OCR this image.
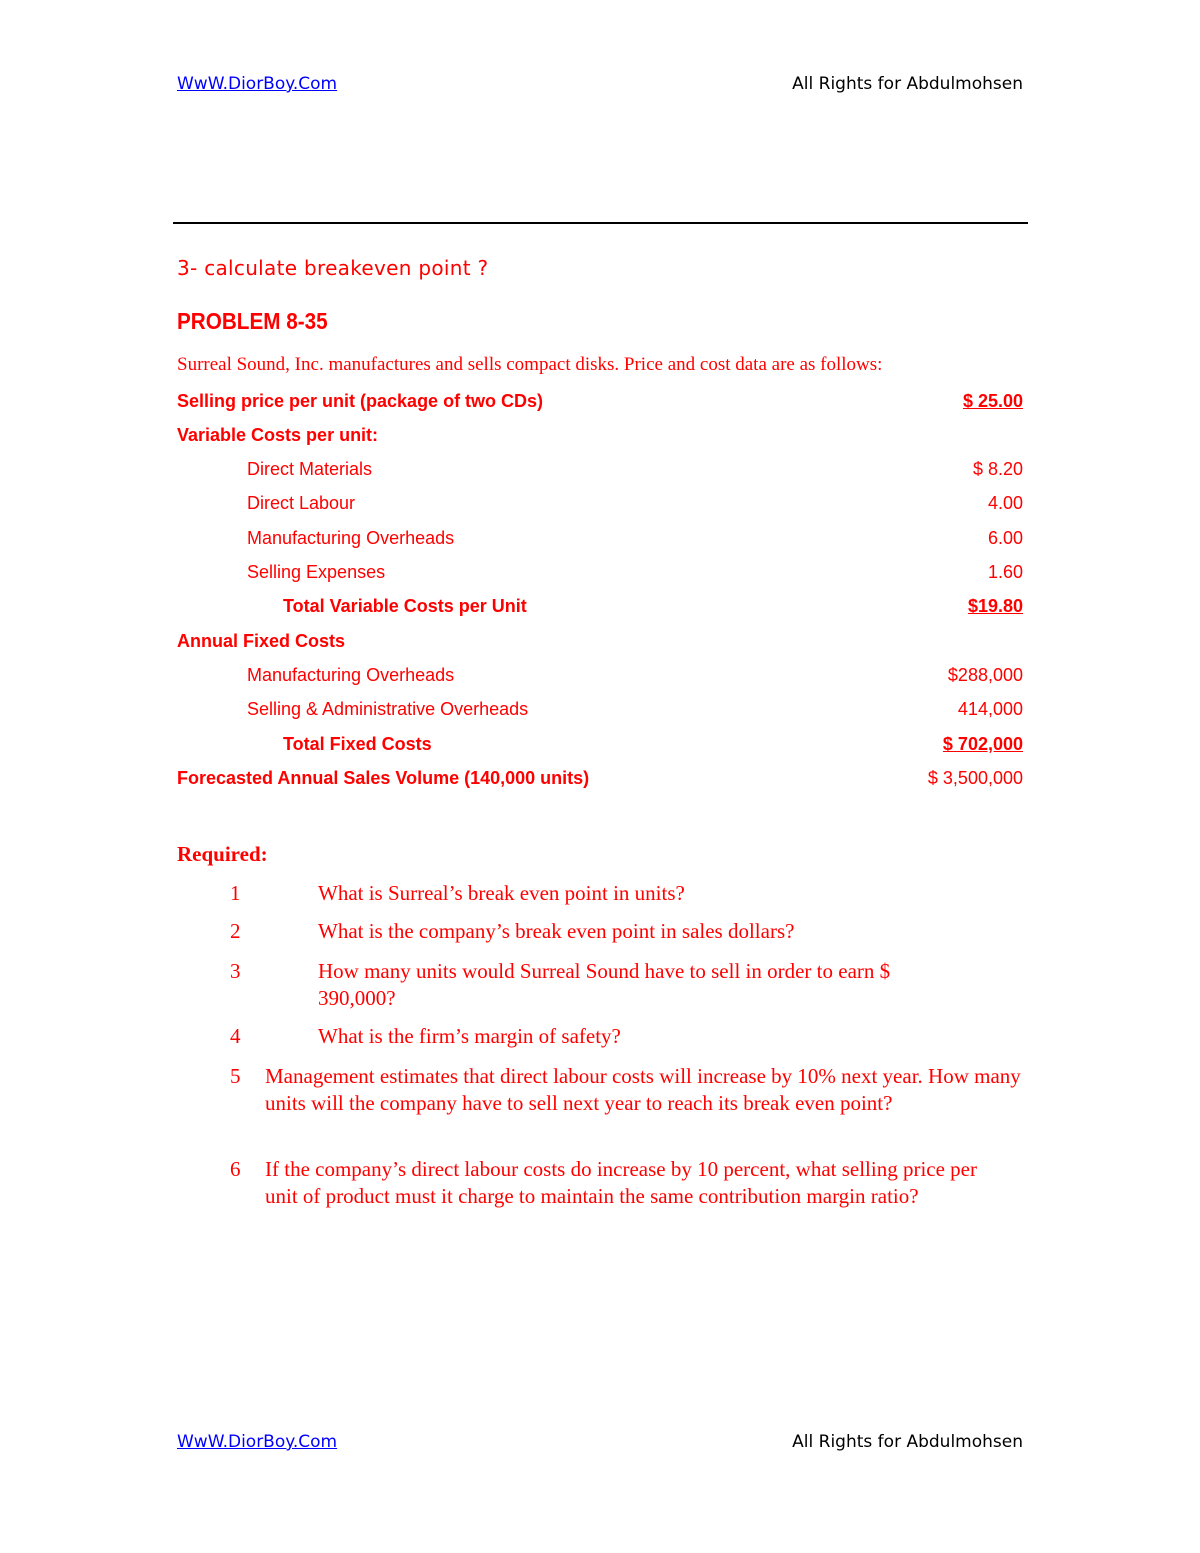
WwW.DiorBoy.Com	All Rights for Abdulmohsen
3- calculate breakeven point ?
PROBLEM 8-35
Surreal Sound, Inc. manufactures and sells compact disks. Price and cost data are as follows:
Selling price per unit (package of two CDs)	$ 25.00
Variable Costs per unit:
Direct Materials	$ 8.20
Direct Labour	4.00
Manufacturing Overheads	6.00
Selling Expenses	1.60
Total Variable Costs per Unit	$19.80
Annual Fixed Costs
Manufacturing Overheads	$288,000
Selling & Administrative Overheads	414,000
Total Fixed Costs	$ 702,000
Forecasted Annual Sales Volume (140,000 units)	$ 3,500,000
Required:
1	What is Surreal’s break even point in units?
2	What is the company’s break even point in sales dollars?
3	How many units would Surreal Sound have to sell in order to earn $ 390,000?
4	What is the firm’s margin of safety?
5 Management estimates that direct labour costs will increase by 10% next year. How many units will the company have to sell next year to reach its break even point?
6 If the company’s direct labour costs do increase by 10 percent, what selling price per unit of product must it charge to maintain the same contribution margin ratio?
WwW.DiorBoy.Com	All Rights for Abdulmohsen
